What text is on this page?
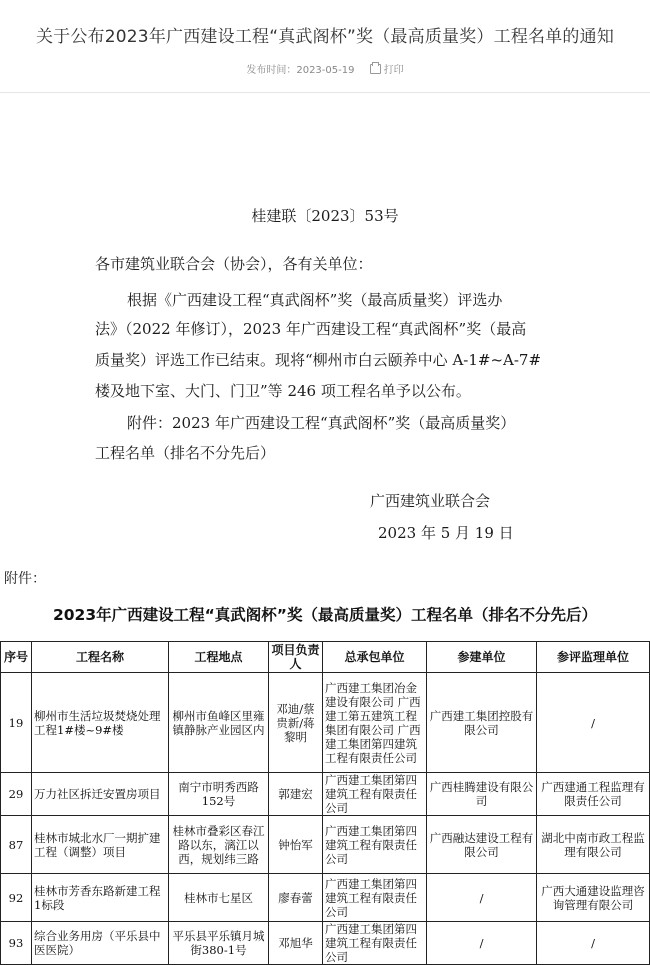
关于公布2023年广西建设工程“真武阁杯”奖（最高质量奖）工程名单的通知
发布时间：2023-05-19	打印
桂建联〔2023〕53号
各市建筑业联合会（协会），各有关单位：
根据《广西建设工程“真武阁杯”奖（最高质量奖）评选办
法》（2022 年修订），2023 年广西建设工程“真武阁杯”奖（最高
质量奖）评选工作已结束。现将“柳州市白云颐养中心 A-1#~A-7#
楼及地下室、大门、门卫”等 246 项工程名单予以公布。
附件：2023 年广西建设工程“真武阁杯”奖（最高质量奖）
工程名单（排名不分先后）
广西建筑业联合会
2023 年 5 月 19 日
附件：
2023年广西建设工程“真武阁杯”奖（最高质量奖）工程名单（排名不分先后）
序号	工程名称	工程地点	项目负责人	总承包单位	参建单位	参评监理单位
19	柳州市生活垃圾焚烧处理工程1#楼~9#楼	柳州市鱼峰区里雍镇静脉产业园区内	邓迪/蔡贵新/蒋黎明	广西建工集团冶金建设有限公司 广西建工第五建筑工程集团有限公司 广西建工集团第四建筑工程有限责任公司	广西建工集团控股有限公司	/
29	万力社区拆迁安置房项目	南宁市明秀西路152号	郭建宏	广西建工集团第四建筑工程有限责任公司	广西桂腾建设有限公司	广西建通工程监理有限责任公司
87	桂林市城北水厂一期扩建工程（调整）项目	桂林市叠彩区春江路以东，漓江以西，规划纬三路	钟怡军	广西建工集团第四建筑工程有限责任公司	广西融达建设工程有限公司	湖北中南市政工程监理有限公司
92	桂林市芳香东路新建工程1标段	桂林市七星区	廖春蕾	广西建工集团第四建筑工程有限责任公司	/	广西大通建设监理咨询管理有限公司
93	综合业务用房（平乐县中医医院）	平乐县平乐镇月城街380-1号	邓旭华	广西建工集团第四建筑工程有限责任公司	/	/
